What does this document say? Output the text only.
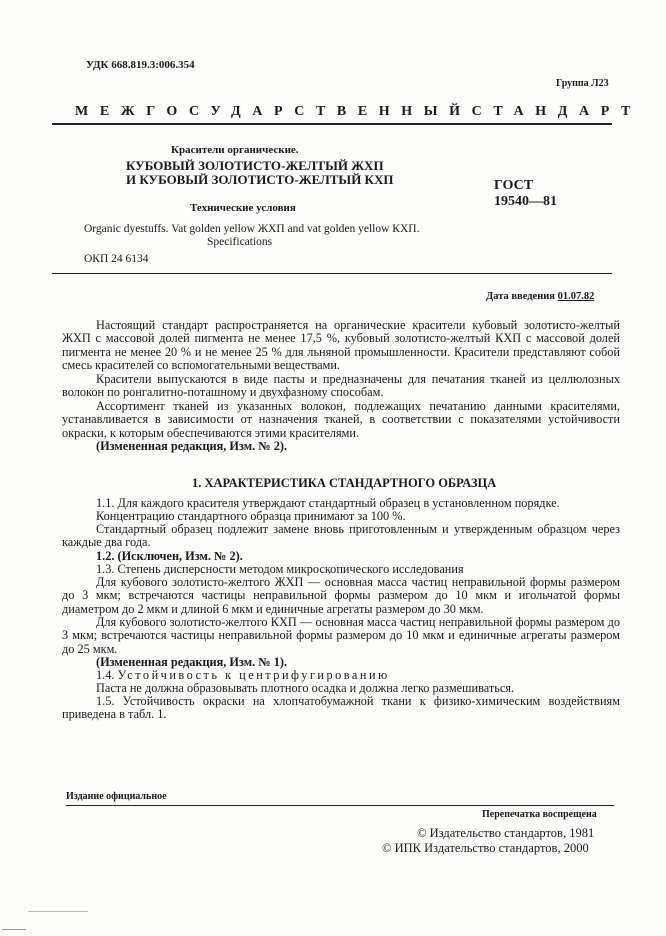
УДК 668.819.3:006.354
Группа Л23
МЕЖГОСУДАРСТВЕННЫЙ СТАНДАРТ
Красители органические.
КУБОВЫЙ ЗОЛОТИСТО-ЖЕЛТЫЙ ЖХП
И КУБОВЫЙ ЗОЛОТИСТО-ЖЕЛТЫЙ КХП
Технические условия
ГОСТ
19540—81
Organic dyestuffs. Vat golden yellow ЖХП and vat golden yellow КХП.
Specifications
ОКП 24 6134
Дата введения 01.07.82
Настоящий стандарт распространяется на органические красители кубовый золотисто-желтый ЖХП с массовой долей пигмента не менее 17,5 %, кубовый золотисто-желтый КХП с массовой долей пигмента не менее 20 % и не менее 25 % для льняной промышленности. Красители представляют собой смесь красителей со вспомогательными веществами.
Красители выпускаются в виде пасты и предназначены для печатания тканей из целлюлозных волокон по ронгалитно-поташному и двухфазному способам.
Ассортимент тканей из указанных волокон, подлежащих печатанию данными красителями, устанавливается в зависимости от назначения тканей, в соответствии с показателями устойчивости окраски, к которым обеспечиваются этими красителями.
(Измененная редакция, Изм. № 2).
1. ХАРАКТЕРИСТИКА СТАНДАРТНОГО ОБРАЗЦА
1.1. Для каждого красителя утверждают стандартный образец в установленном порядке.
Концентрацию стандартного образца принимают за 100 %.
Стандартный образец подлежит замене вновь приготовленным и утвержденным образцом через каждые два года.
1.2. (Исключен, Изм. № 2).
1.3. Степень дисперсности методом микроскопического исследования
Для кубового золотисто-желтого ЖХП — основная масса частиц неправильной формы размером до 3 мкм; встречаются частицы неправильной формы размером до 10 мкм и игольчатой формы диаметром до 2 мкм и длиной 6 мкм и единичные агрегаты размером до 30 мкм.
Для кубового золотисто-желтого КХП — основная масса частиц неправильной формы размером до 3 мкм; встречаются частицы неправильной формы размером до 10 мкм и единичные агрегаты размером до 25 мкм.
(Измененная редакция, Изм. № 1).
1.4. Устойчивость к центрифугированию
Паста не должна образовывать плотного осадка и должна легко размешиваться.
1.5. Устойчивость окраски на хлопчатобумажной ткани к физико-химическим воздействиям приведена в табл. 1.
Издание официальное
Перепечатка воспрещена
© Издательство стандартов, 1981
© ИПК Издательство стандартов, 2000
